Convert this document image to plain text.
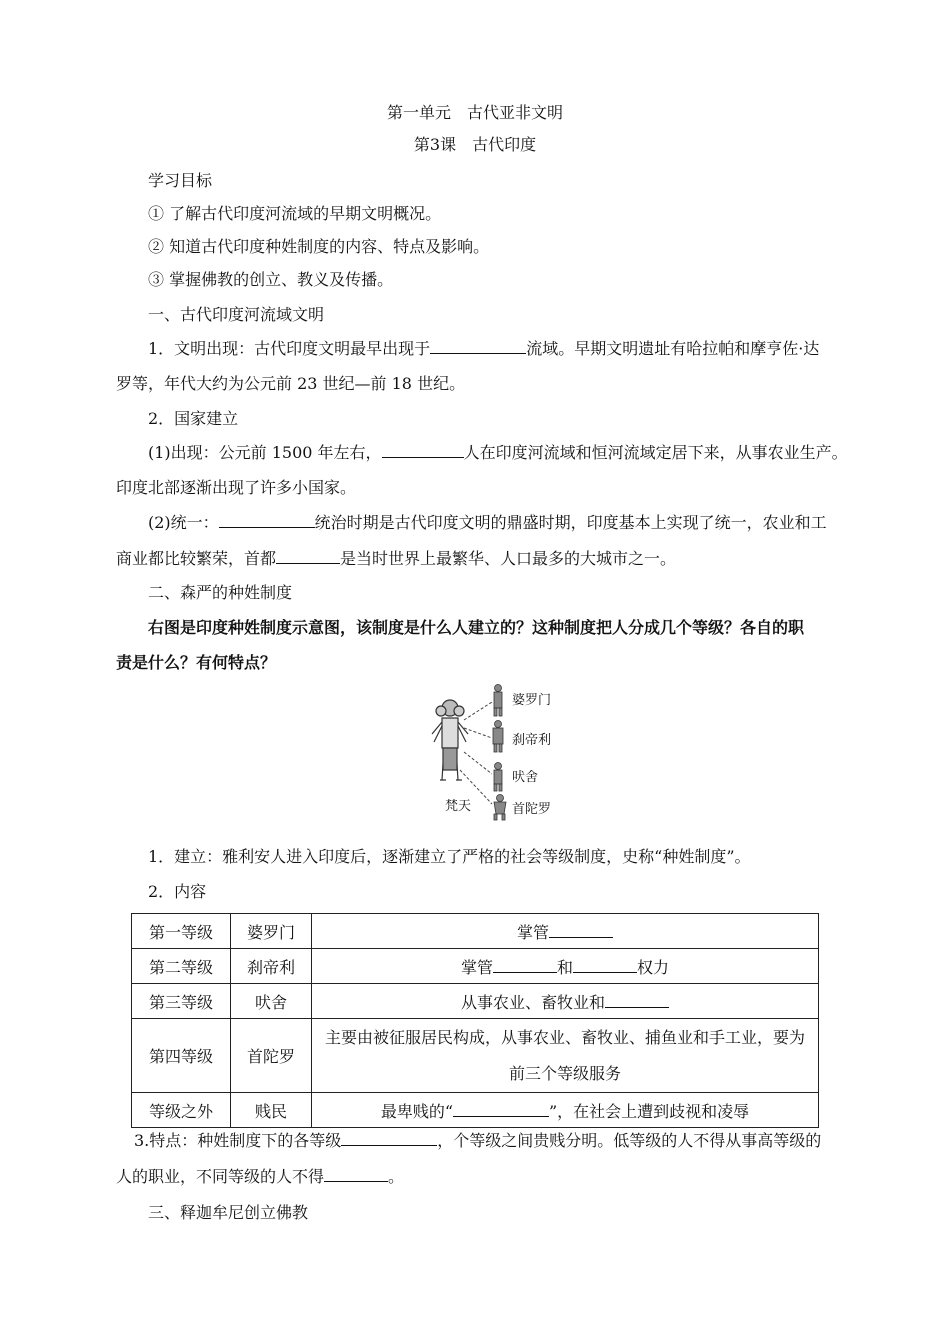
第一单元　古代亚非文明
第3课　古代印度
学习目标
① 了解古代印度河流域的早期文明概况。
② 知道古代印度种姓制度的内容、特点及影响。
③ 掌握佛教的创立、教义及传播。
一、古代印度河流域文明
1．文明出现：古代印度文明最早出现于	流域。早期文明遗址有哈拉帕和摩亨佐·达
罗等，年代大约为公元前 23 世纪—前 18 世纪。
2．国家建立
(1)出现：公元前 1500 年左右，	人在印度河流域和恒河流域定居下来，从事农业生产。
印度北部逐渐出现了许多小国家。
(2)统一：	统治时期是古代印度文明的鼎盛时期，印度基本上实现了统一，农业和工
商业都比较繁荣，首都	是当时世界上最繁华、人口最多的大城市之一。
二、森严的种姓制度
右图是印度种姓制度示意图，该制度是什么人建立的？这种制度把人分成几个等级？各自的职
责是什么？有何特点？
梵天
婆罗门
刹帝利
吠舍
首陀罗
1．建立：雅利安人进入印度后，逐渐建立了严格的社会等级制度，史称“种姓制度”。
2．内容
第一等级	婆罗门	掌管
第二等级	刹帝利	掌管 和 权力
第三等级	吠舍	从事农业、畜牧业和
第四等级	首陀罗	主要由被征服居民构成，从事农业、畜牧业、捕鱼业和手工业，要为
前三个等级服务

等级之外	贱民	最卑贱的“ ”，在社会上遭到歧视和凌辱
3.特点：种姓制度下的各等级	，个等级之间贵贱分明。低等级的人不得从事高等级的
人的职业，不同等级的人不得	。
三、释迦牟尼创立佛教
